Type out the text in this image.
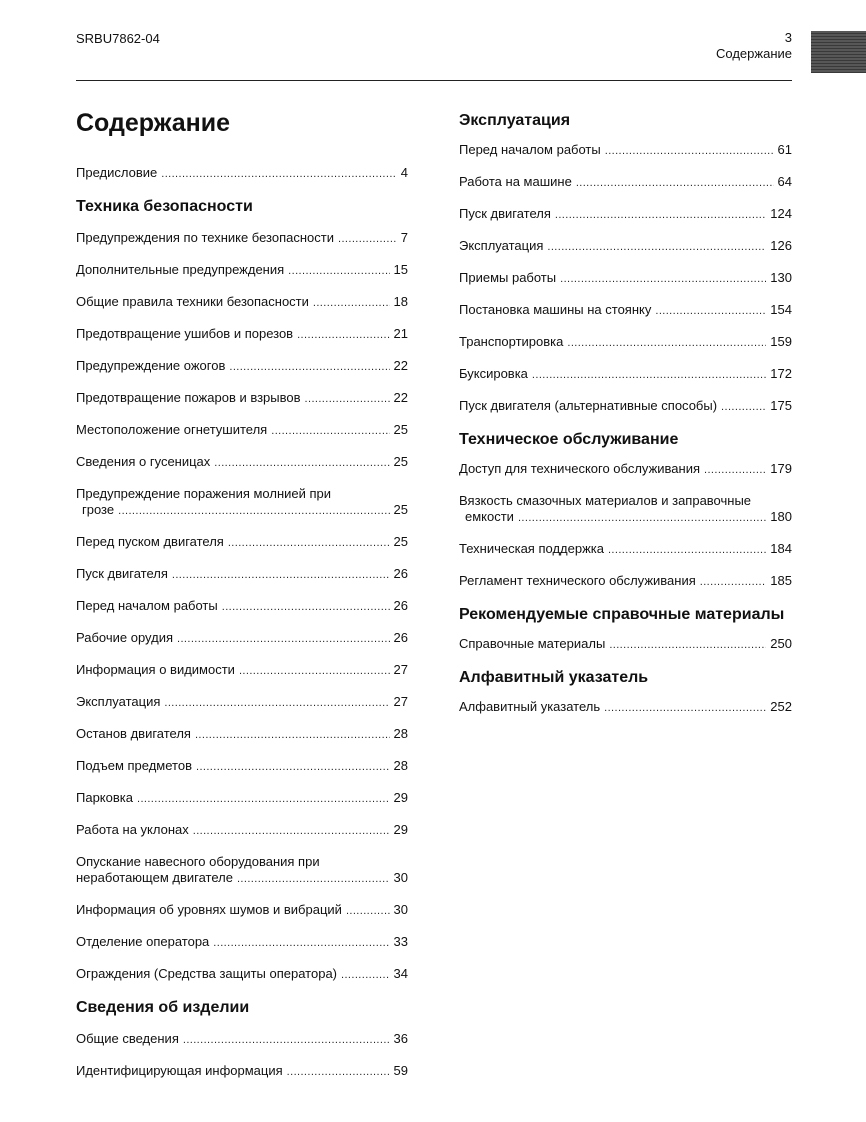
SRBU7862-04	3
Содержание
Содержание
Предисловие .....	4
Техника безопасности
Предупреждения по технике безопасности .....	7
Дополнительные предупреждения .....	15
Общие правила техники безопасности .....	18
Предотвращение ушибов и порезов .....	21
Предупреждение ожогов .....	22
Предотвращение пожаров и взрывов .....	22
Местоположение огнетушителя .....	25
Сведения о гусеницах .....	25
Предупреждение поражения молнией при
грозе .....	25
Перед пуском двигателя .....	25
Пуск двигателя .....	26
Перед началом работы .....	26
Рабочие орудия .....	26
Информация о видимости .....	27
Эксплуатация .....	27
Останов двигателя .....	28
Подъем предметов .....	28
Парковка .....	29
Работа на уклонах .....	29
Опускание навесного оборудования при
неработающем двигателе .....	30
Информация об уровнях шумов и вибраций .....	30
Отделение оператора .....	33
Ограждения (Средства защиты оператора) .....	34
Сведения об изделии
Общие сведения .....	36
Идентифицирующая информация .....	59
Эксплуатация
Перед началом работы .....	61
Работа на машине .....	64
Пуск двигателя .....	124
Эксплуатация .....	126
Приемы работы .....	130
Постановка машины на стоянку .....	154
Транспортировка .....	159
Буксировка .....	172
Пуск двигателя (альтернативные способы) .....	175
Техническое обслуживание
Доступ для технического обслуживания .....	179
Вязкость смазочных материалов и заправочные
емкости .....	180
Техническая поддержка .....	184
Регламент технического обслуживания .....	185
Рекомендуемые справочные материалы
Справочные материалы .....	250
Алфавитный указатель
Алфавитный указатель .....	252
